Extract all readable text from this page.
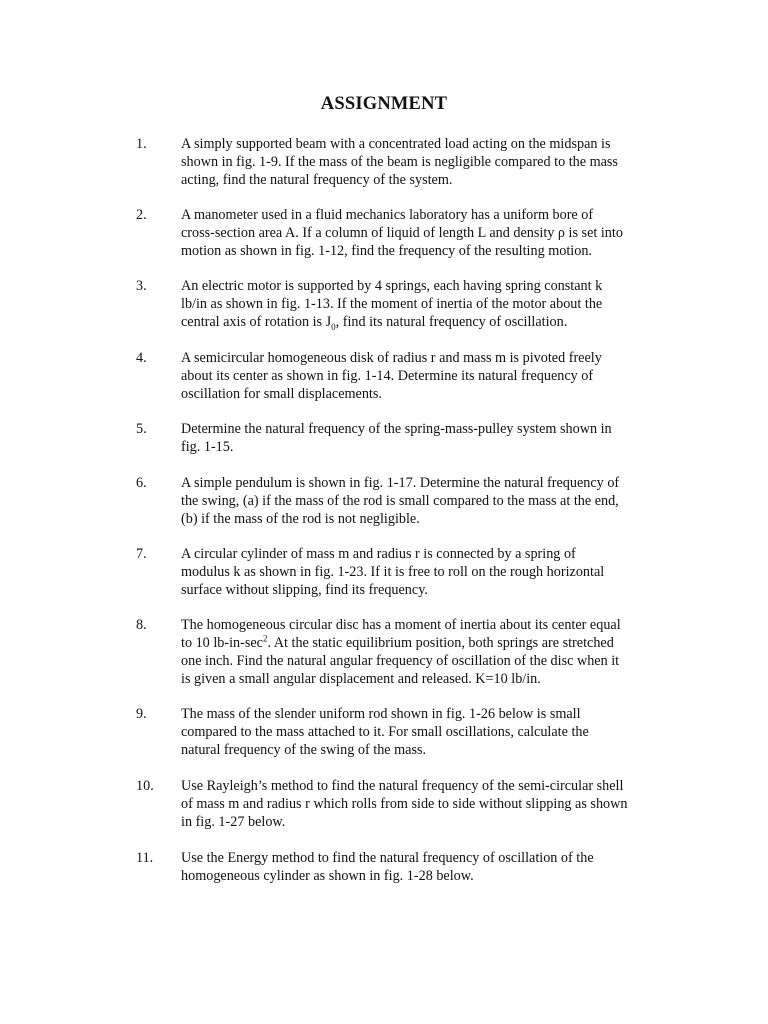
ASSIGNMENT
1. A simply supported beam with a concentrated load acting on the midspan is
shown in fig. 1-9. If the mass of the beam is negligible compared to the mass
acting, find the natural frequency of the system.
2. A manometer used in a fluid mechanics laboratory has a uniform bore of
cross-section area A. If a column of liquid of length L and density ρ is set into
motion as shown in fig. 1-12, find the frequency of the resulting motion.
3. An electric motor is supported by 4 springs, each having spring constant k
lb/in as shown in fig. 1-13. If the moment of inertia of the motor about the
central axis of rotation is $J_0$, find its natural frequency of oscillation.
4. A semicircular homogeneous disk of radius r and mass m is pivoted freely
about its center as shown in fig. 1-14. Determine its natural frequency of
oscillation for small displacements.
5. Determine the natural frequency of the spring-mass-pulley system shown in
fig. 1-15.
6. A simple pendulum is shown in fig. 1-17. Determine the natural frequency of
the swing, (a) if the mass of the rod is small compared to the mass at the end,
(b) if the mass of the rod is not negligible.
7. A circular cylinder of mass m and radius r is connected by a spring of
modulus k as shown in fig. 1-23. If it is free to roll on the rough horizontal
surface without slipping, find its frequency.
8. The homogeneous circular disc has a moment of inertia about its center equal
to 10 $lb-in-\sec^2$. At the static equilibrium position, both springs are stretched
one inch. Find the natural angular frequency of oscillation of the disc when it
is given a small angular displacement and released. K=10 lb/in.
9. The mass of the slender uniform rod shown in fig. 1-26 below is small
compared to the mass attached to it. For small oscillations, calculate the
natural frequency of the swing of the mass.
10. Use Rayleigh’s method to find the natural frequency of the semi-circular shell
of mass m and radius r which rolls from side to side without slipping as shown
in fig. 1-27 below.
11. Use the Energy method to find the natural frequency of oscillation of the
homogeneous cylinder as shown in fig. 1-28 below.
